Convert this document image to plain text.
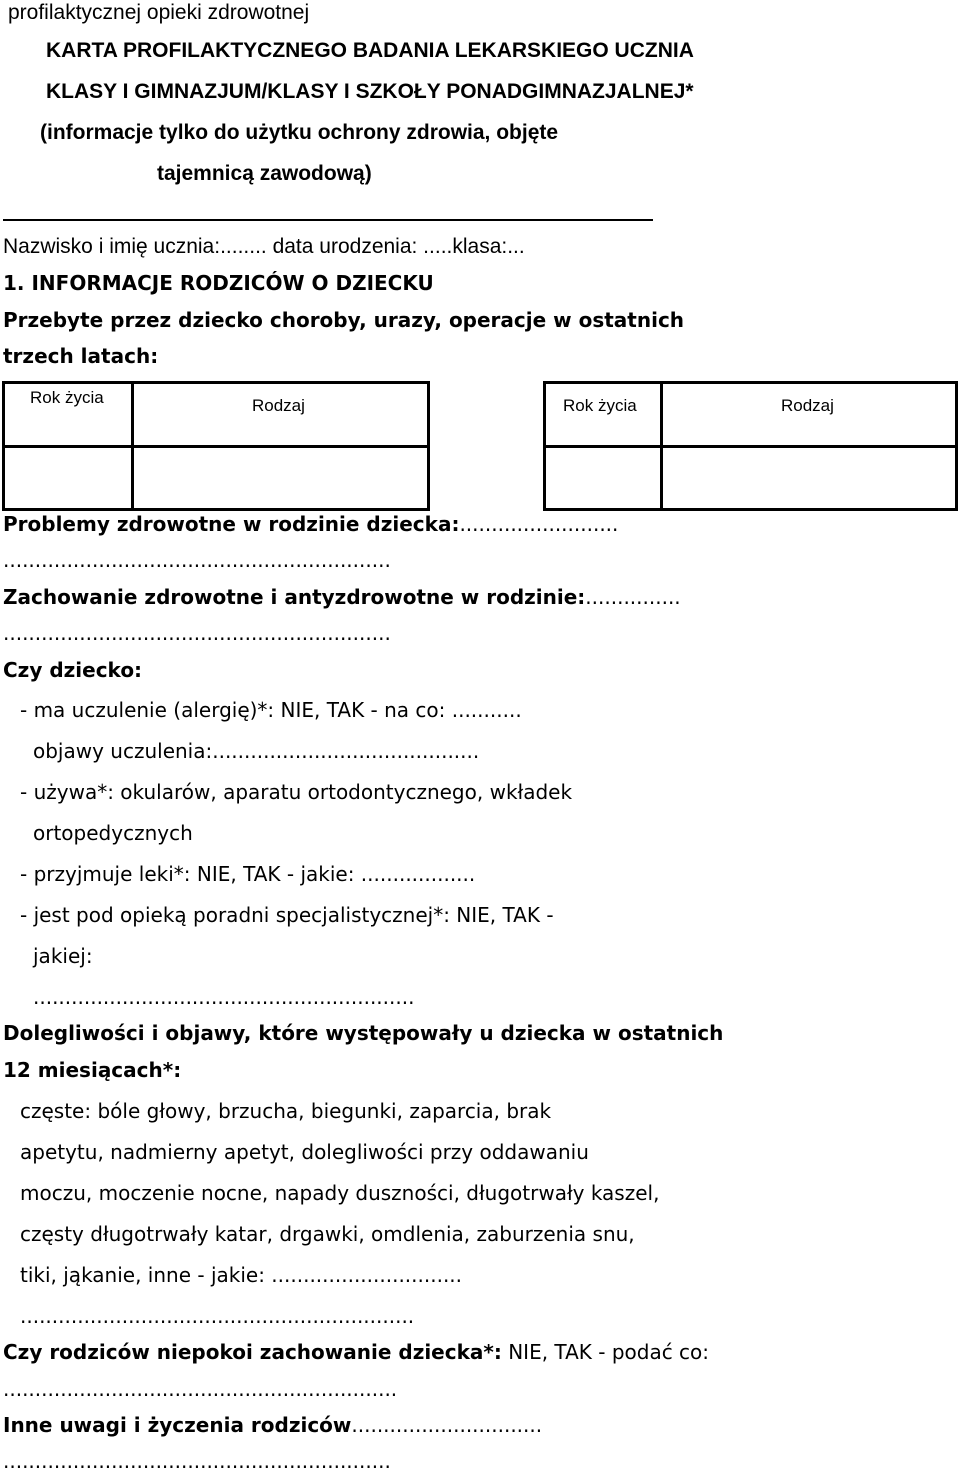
profilaktycznej opieki zdrowotnej
KARTA PROFILAKTYCZNEGO BADANIA LEKARSKIEGO UCZNIA
KLASY I GIMNAZJUM/KLASY I SZKOŁY PONADGIMNAZJALNEJ*
(informacje tylko do użytku ochrony zdrowia, objęte
tajemnicą zawodową)
Nazwisko i imię ucznia:........ data urodzenia: .....klasa:...
1. INFORMACJE RODZICÓW O DZIECKU
Przebyte przez dziecko choroby, urazy, operacje w ostatnich
trzech latach:
Rok życia	Rodzaj	Rok życia	Rodzaj
Problemy zdrowotne w rodzinie dziecka:.........................
.............................................................
Zachowanie zdrowotne i antyzdrowotne w rodzinie:...............
.............................................................
Czy dziecko:
- ma uczulenie (alergię)*: NIE, TAK - na co: ...........
objawy uczulenia:..........................................
- używa*: okularów, aparatu ortodontycznego, wkładek
ortopedycznych
- przyjmuje leki*: NIE, TAK - jakie: ..................
- jest pod opieką poradni specjalistycznej*: NIE, TAK -
jakiej:
............................................................
Dolegliwości i objawy, które występowały u dziecka w ostatnich
12 miesiącach*:
częste: bóle głowy, brzucha, biegunki, zaparcia, brak
apetytu, nadmierny apetyt, dolegliwości przy oddawaniu
moczu, moczenie nocne, napady duszności, długotrwały kaszel,
częsty długotrwały katar, drgawki, omdlenia, zaburzenia snu,
tiki, jąkanie, inne - jakie: ..............................
..............................................................
Czy rodziców niepokoi zachowanie dziecka*: NIE, TAK - podać co:
..............................................................
Inne uwagi i życzenia rodziców..............................
.............................................................
